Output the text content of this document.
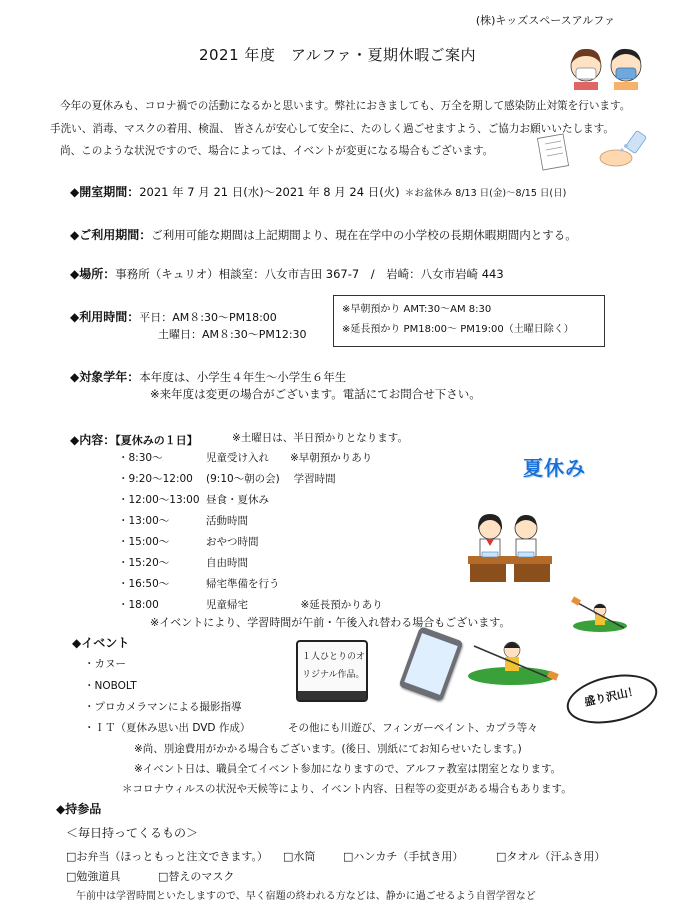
(株)キッズスペースアルファ
2021 年度　アルファ・夏期休暇ご案内
今年の夏休みも、コロナ禍での活動になるかと思います。弊社におきましても、万全を期して感染防止対策を行います。
手洗い、消毒、マスクの着用、検温、 皆さんが安心して安全に、たのしく過ごせますよう、ご協力お願いいたします。
尚、このような状況ですので、場合によっては、イベントが変更になる場合もございます。
◆開室期間：2021 年 7 月 21 日(水)～2021 年 8 月 24 日(火) ＊お盆休み 8/13 日(金)～8/15 日(日)
◆ご利用期間：ご利用可能な期間は上記期間より、現在在学中の小学校の長期休暇期間内とする。
◆場所：事務所（キュリオ）相談室：八女市吉田 367-7　/　岩崎：八女市岩崎 443
◆利用時間：平日：AM８:30～PM18:00
土曜日：AM８:30～PM12:30
※早朝預かり AMT:30～AM 8:30
※延長預かり PM18:00～ PM19:00（土曜日除く）
◆対象学年：本年度は、小学生４年生～小学生６年生
※来年度は変更の場合がございます。電話にてお問合せ下さい。
◆内容：【夏休みの１日】	※土曜日は、半日預かりとなります。
・8:30～	児童受け入れ　　※早朝預かりあり
・9:20～12:00 (9:10～朝の会)　 学習時間
・12:00～13:00 昼食・夏休み
・13:00～	活動時間
・15:00～	おやつ時間
・15:20～	自由時間
・16:50～	帰宅準備を行う
・18:00	児童帰宅　　　　　※延長預かりあり
※イベントにより、学習時間が午前・午後入れ替わる場合もございます。
夏休み
◆イベント
・カヌー
・NOBOLT
・プロカメラマンによる撮影指導
・ＩＴ（夏休み思い出 DVD 作成）	その他にも川遊び、フィンガーペイント、カプラ等々
※尚、別途費用がかかる場合もございます。(後日、別紙にてお知らせいたします。)
※イベント日は、職員全てイベント参加になりますので、アルファ教室は閉室となります。
＊コロナウィルスの状況や天候等により、イベント内容、日程等の変更がある場合もあります。
１人ひとりのオ
リジナル作品。
盛り沢山！
◆持参品
＜毎日持ってくるもの＞
□お弁当（ほっともっと注文できます。） □水筒	□ハンカチ（手拭き用）	□タオル（汗ふき用）
□勉強道具	□替えのマスク
午前中は学習時間といたしますので、早く宿題の終われる方などは、静かに過ごせるよう自習学習など
